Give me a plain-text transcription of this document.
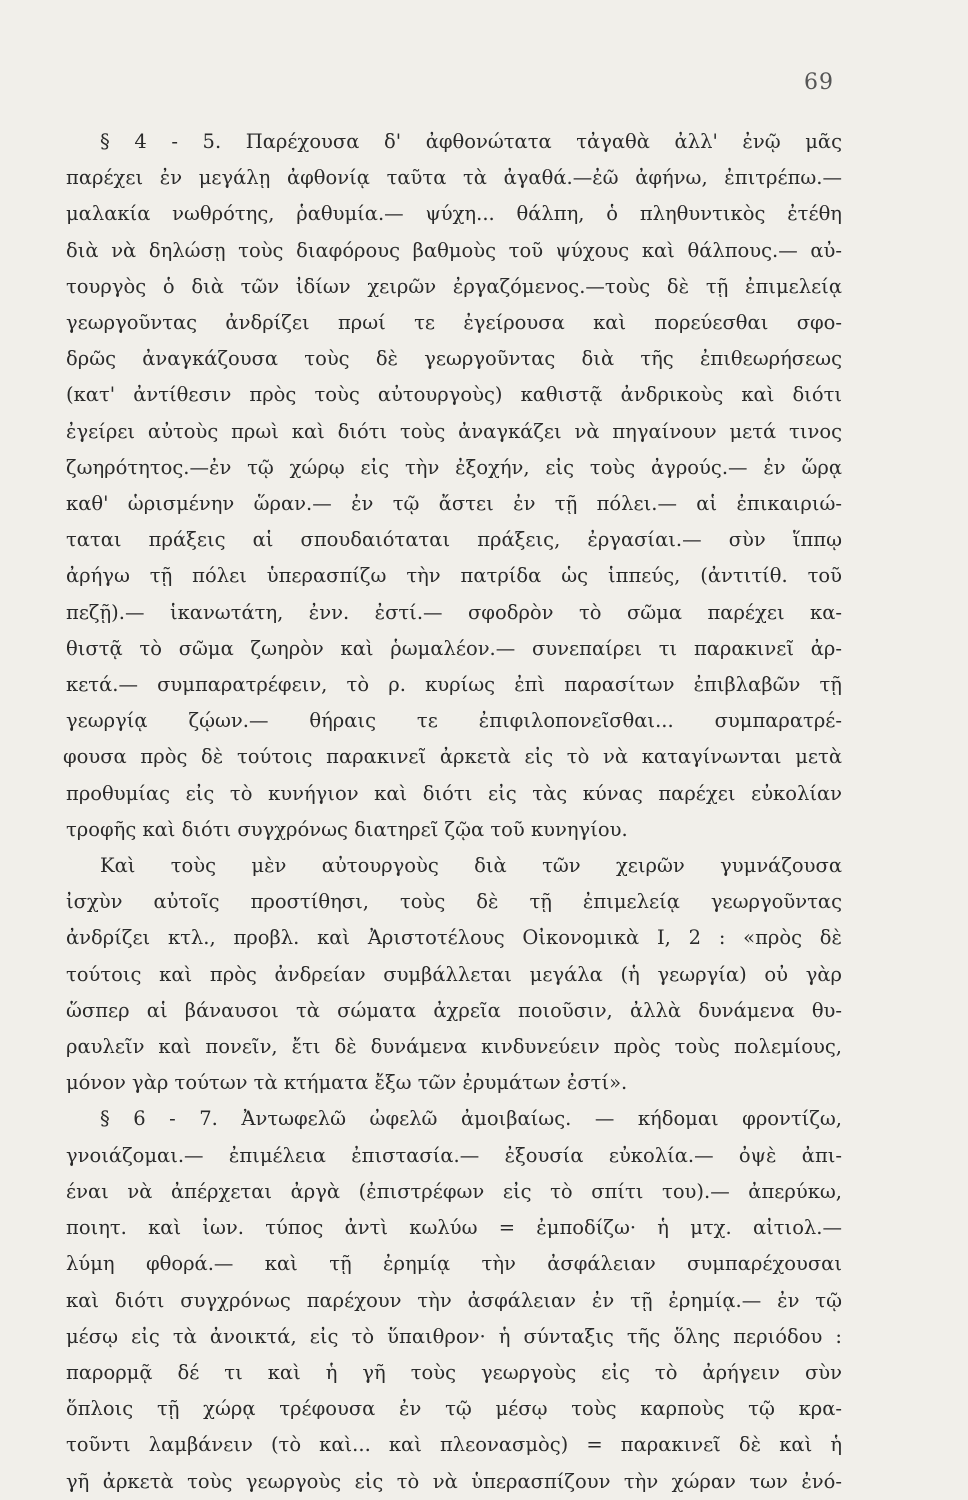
69
§ 4 - 5. Παρέχουσα δ' ἀφθονώτατα τἀγαθὰ ἀλλ' ἐνῷ μᾶς
παρέχει ἐν μεγάλῃ ἀφθονίᾳ ταῦτα τὰ ἀγαθά.—ἐῶ ἀφήνω, ἐπιτρέπω.—
μαλακία νωθρότης, ῥαθυμία.— ψύχη... θάλπη, ὁ πληθυντικὸς ἐτέθη
διὰ νὰ δηλώσῃ τοὺς διαφόρους βαθμοὺς τοῦ ψύχους καὶ θάλπους.— αὐ-
τουργὸς ὁ διὰ τῶν ἰδίων χειρῶν ἐργαζόμενος.—τοὺς δὲ τῇ ἐπιμελείᾳ
γεωργοῦντας ἀνδρίζει πρωί τε ἐγείρουσα καὶ πορεύεσθαι σφο-
δρῶς ἀναγκάζουσα τοὺς δὲ γεωργοῦντας διὰ τῆς ἐπιθεωρήσεως
(κατ' ἀντίθεσιν πρὸς τοὺς αὐτουργοὺς) καθιστᾷ ἀνδρικοὺς καὶ διότι
ἐγείρει αὐτοὺς πρωὶ καὶ διότι τοὺς ἀναγκάζει νὰ πηγαίνουν μετά τινος
ζωηρότητος.—ἐν τῷ χώρῳ εἰς τὴν ἐξοχήν, εἰς τοὺς ἀγρούς.— ἐν ὥρᾳ
καθ' ὡρισμένην ὥραν.— ἐν τῷ ἄστει ἐν τῇ πόλει.— αἱ ἐπικαιριώ-
ταται πράξεις αἱ σπουδαιόταται πράξεις, ἐργασίαι.— σὺν ἵππῳ
ἀρήγω τῇ πόλει ὑπερασπίζω τὴν πατρίδα ὡς ἱππεύς, (ἀντιτίθ. τοῦ
πεζῇ).— ἱκανωτάτη, ἐνν. ἐστί.— σφοδρὸν τὸ σῶμα παρέχει κα-
θιστᾷ τὸ σῶμα ζωηρὸν καὶ ῥωμαλέον.— συνεπαίρει τι παρακινεῖ ἀρ-
κετά.— συμπαρατρέφειν, τὸ ρ. κυρίως ἐπὶ παρασίτων ἐπιβλαβῶν τῇ
γεωργίᾳ ζῴων.— θήραις τε ἐπιφιλοπονεῖσθαι... συμπαρατρέ-
φουσα πρὸς δὲ τούτοις παρακινεῖ ἀρκετὰ εἰς τὸ νὰ καταγίνωνται μετὰ
προθυμίας εἰς τὸ κυνήγιον καὶ διότι εἰς τὰς κύνας παρέχει εὐκολίαν
τροφῆς καὶ διότι συγχρόνως διατηρεῖ ζῷα τοῦ κυνηγίου.
Καὶ τοὺς μὲν αὐτουργοὺς διὰ τῶν χειρῶν γυμνάζουσα
ἰσχὺν αὐτοῖς προστίθησι, τοὺς δὲ τῇ ἐπιμελείᾳ γεωργοῦντας
ἀνδρίζει κτλ., προβλ. καὶ Ἀριστοτέλους Οἰκονομικὰ Ι, 2 : «πρὸς δὲ
τούτοις καὶ πρὸς ἀνδρείαν συμβάλλεται μεγάλα (ἡ γεωργία) οὐ γὰρ
ὥσπερ αἱ βάναυσοι τὰ σώματα ἀχρεῖα ποιοῦσιν, ἀλλὰ δυνάμενα θυ-
ραυλεῖν καὶ πονεῖν, ἔτι δὲ δυνάμενα κινδυνεύειν πρὸς τοὺς πολεμίους,
μόνον γὰρ τούτων τὰ κτήματα ἔξω τῶν ἐρυμάτων ἐστί».
§ 6 - 7. Ἀντωφελῶ ὠφελῶ ἀμοιβαίως. — κήδομαι φροντίζω,
γνοιάζομαι.— ἐπιμέλεια ἐπιστασία.— ἐξουσία εὐκολία.— ὀψὲ ἀπι-
έναι νὰ ἀπέρχεται ἀργὰ (ἐπιστρέφων εἰς τὸ σπίτι του).— ἀπερύκω,
ποιητ. καὶ ἰων. τύπος ἀντὶ κωλύω = ἐμποδίζω· ἡ μτχ. αἰτιολ.—
λύμη φθορά.— καὶ τῇ ἐρημίᾳ τὴν ἀσφάλειαν συμπαρέχουσαι
καὶ διότι συγχρόνως παρέχουν τὴν ἀσφάλειαν ἐν τῇ ἐρημίᾳ.— ἐν τῷ
μέσῳ εἰς τὰ ἀνοικτά, εἰς τὸ ὕπαιθρον· ἡ σύνταξις τῆς ὅλης περιόδου :
παρορμᾷ δέ τι καὶ ἡ γῆ τοὺς γεωργοὺς εἰς τὸ ἀρήγειν σὺν
ὅπλοις τῇ χώρᾳ τρέφουσα ἐν τῷ μέσῳ τοὺς καρποὺς τῷ κρα-
τοῦντι λαμβάνειν (τὸ καὶ... καὶ πλεονασμὸς) = παρακινεῖ δὲ καὶ ἡ
γῆ ἀρκετὰ τοὺς γεωργοὺς εἰς τὸ νὰ ὑπερασπίζουν τὴν χώραν των ἐνό-
